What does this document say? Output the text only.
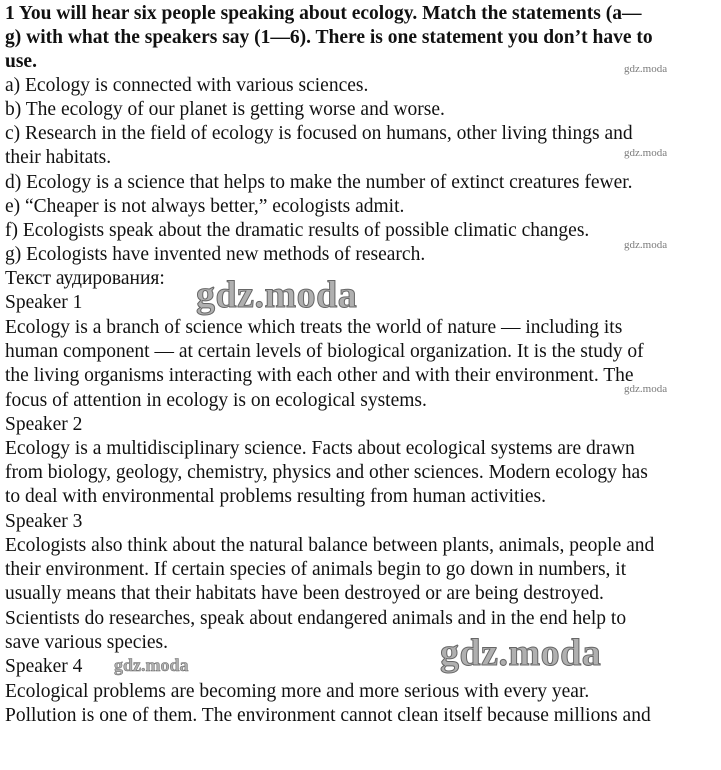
1 You will hear six people speaking about ecology. Match the statements (a—
g) with what the speakers say (1—6). There is one statement you don’t have to
use.
a) Ecology is connected with various sciences.
b) The ecology of our planet is getting worse and worse.
c) Research in the field of ecology is focused on humans, other living things and
their habitats.
d) Ecology is a science that helps to make the number of extinct creatures fewer.
e) “Cheaper is not always better,” ecologists admit.
f) Ecologists speak about the dramatic results of possible climatic changes.
g) Ecologists have invented new methods of research.
Текст аудирования:
Speaker 1
Ecology is a branch of science which treats the world of nature — including its
human component — at certain levels of biological organization. It is the study of
the living organisms interacting with each other and with their environment. The
focus of attention in ecology is on ecological systems.
Speaker 2
Ecology is a multidisciplinary science. Facts about ecological systems are drawn
from biology, geology, chemistry, physics and other sciences. Modern ecology has
to deal with environmental problems resulting from human activities.
Speaker 3
Ecologists also think about the natural balance between plants, animals, people and
their environment. If certain species of animals begin to go down in numbers, it
usually means that their habitats have been destroyed or are being destroyed.
Scientists do researches, speak about endangered animals and in the end help to
save various species.
Speaker 4
Ecological problems are becoming more and more serious with every year.
Pollution is one of them. The environment cannot clean itself because millions and
gdz.moda
gdz.moda
gdz.moda
gdz.moda
gdz.moda
gdz.moda
gdz.moda
